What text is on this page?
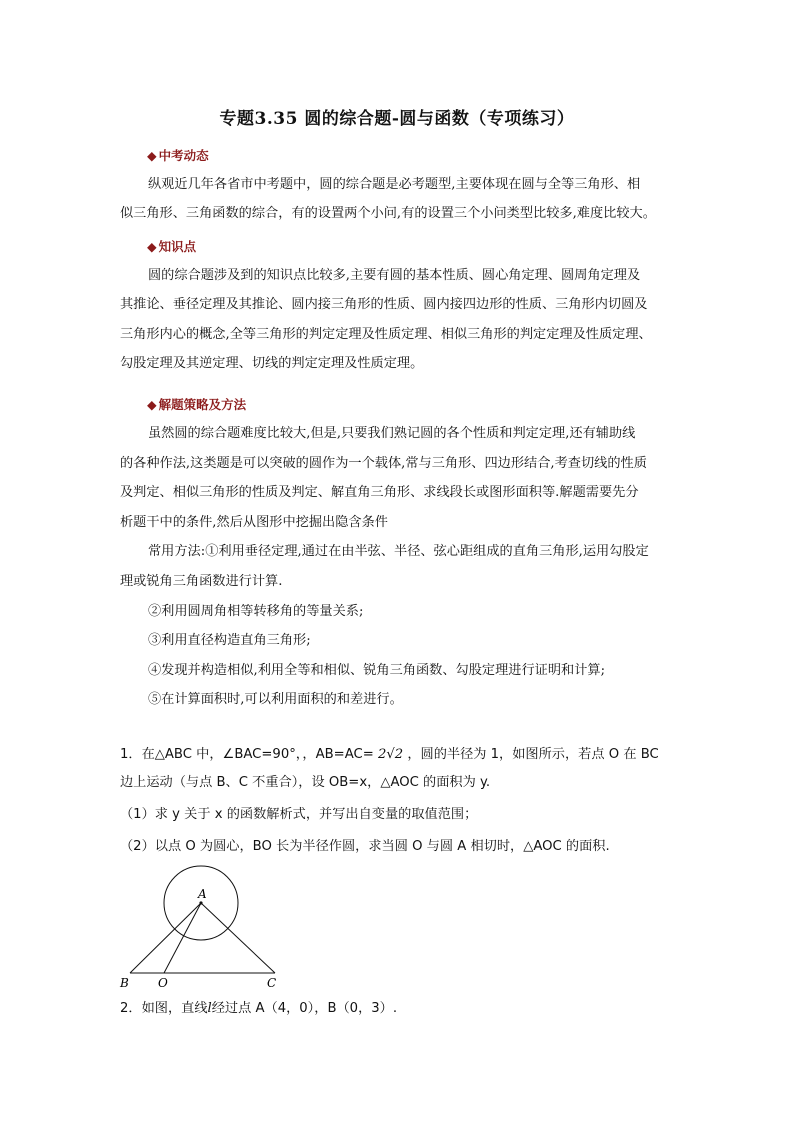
专题3.35 圆的综合题-圆与函数（专项练习）
◆ 中考动态
纵观近几年各省市中考题中，圆的综合题是必考题型,主要体现在圆与全等三角形、相
似三角形、三角函数的综合，有的设置两个小问,有的设置三个小问类型比较多,难度比较大。
◆ 知识点
圆的综合题涉及到的知识点比较多,主要有圆的基本性质、圆心角定理、圆周角定理及
其推论、垂径定理及其推论、圆内接三角形的性质、圆内接四边形的性质、三角形内切圆及
三角形内心的概念,全等三角形的判定定理及性质定理、相似三角形的判定定理及性质定理、
勾股定理及其逆定理、切线的判定定理及性质定理。
◆ 解题策略及方法
虽然圆的综合题难度比较大,但是,只要我们熟记圆的各个性质和判定定理,还有辅助线
的各种作法,这类题是可以突破的圆作为一个载体,常与三角形、四边形结合,考查切线的性质
及判定、相似三角形的性质及判定、解直角三角形、求线段长或图形面积等.解题需要先分
析题干中的条件,然后从图形中挖掘出隐含条件
常用方法:①利用垂径定理,通过在由半弦、半径、弦心距组成的直角三角形,运用勾股定
理或锐角三角函数进行计算.
②利用圆周角相等转移角的等量关系;
③利用直径构造直角三角形;
④发现并构造相似,利用全等和相似、锐角三角函数、勾股定理进行证明和计算;
⑤在计算面积时,可以利用面积的和差进行。
1．在△ABC 中，∠BAC=90°，，AB=AC= 2√2 ，圆的半径为 1，如图所示，若点 O 在 BC
边上运动（与点 B、C 不重合），设 OB=x，△AOC 的面积为 y.
（1）求 y 关于 x 的函数解析式，并写出自变量的取值范围；
（2）以点 O 为圆心，BO 长为半径作圆，求当圆 O 与圆 A 相切时，△AOC 的面积.
A
B O	C
2．如图，直线l经过点 A（4，0），B（0，3）.
